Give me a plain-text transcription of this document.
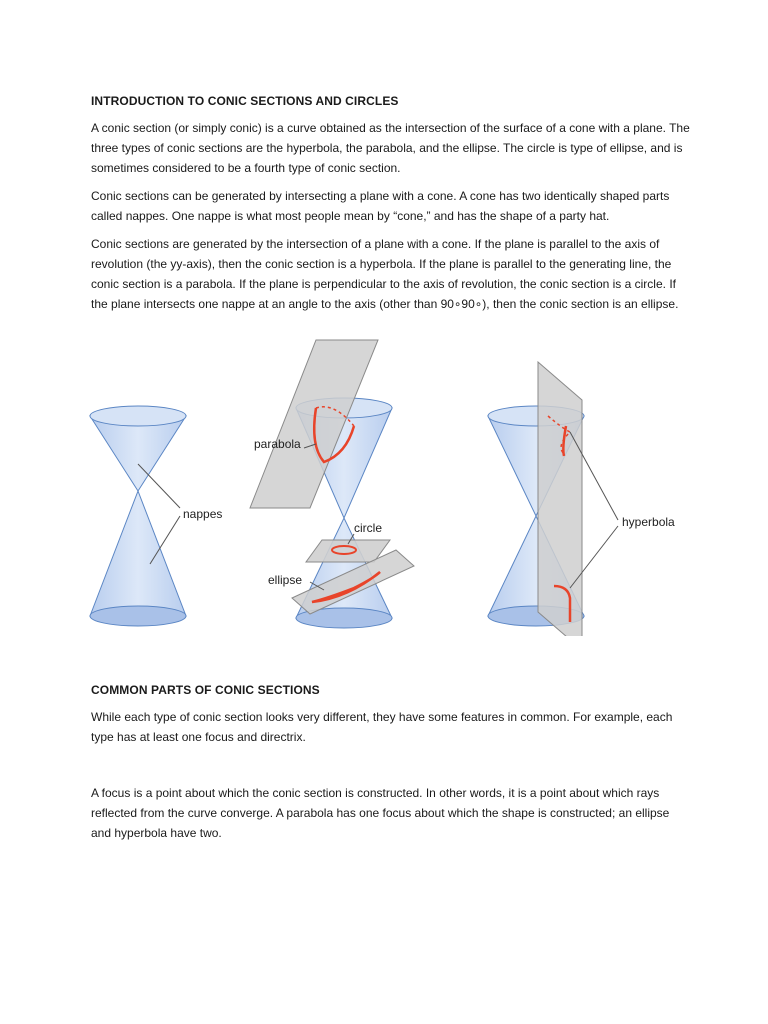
INTRODUCTION TO CONIC SECTIONS AND CIRCLES

A conic section (or simply conic) is a curve obtained as the intersection of the surface of a cone with a plane. The three types of conic sections are the hyperbola, the parabola, and the ellipse. The circle is type of ellipse, and is sometimes considered to be a fourth type of conic section.

Conic sections can be generated by intersecting a plane with a cone. A cone has two identically shaped parts called nappes. One nappe is what most people mean by “cone,” and has the shape of a party hat.

Conic sections are generated by the intersection of a plane with a cone. If the plane is parallel to the axis of revolution (the yy-axis), then the conic section is a hyperbola. If the plane is parallel to the generating line, the conic section is a parabola. If the plane is perpendicular to the axis of revolution, the conic section is a circle. If the plane intersects one nappe at an angle to the axis (other than 90∘90∘), then the conic section is an ellipse.

nappes
parabola
circle
ellipse
hyperbola
COMMON PARTS OF CONIC SECTIONS

While each type of conic section looks very different, they have some features in common. For example, each type has at least one focus and directrix.

A focus is a point about which the conic section is constructed. In other words, it is a point about which rays reflected from the curve converge. A parabola has one focus about which the shape is constructed; an ellipse and hyperbola have two.
